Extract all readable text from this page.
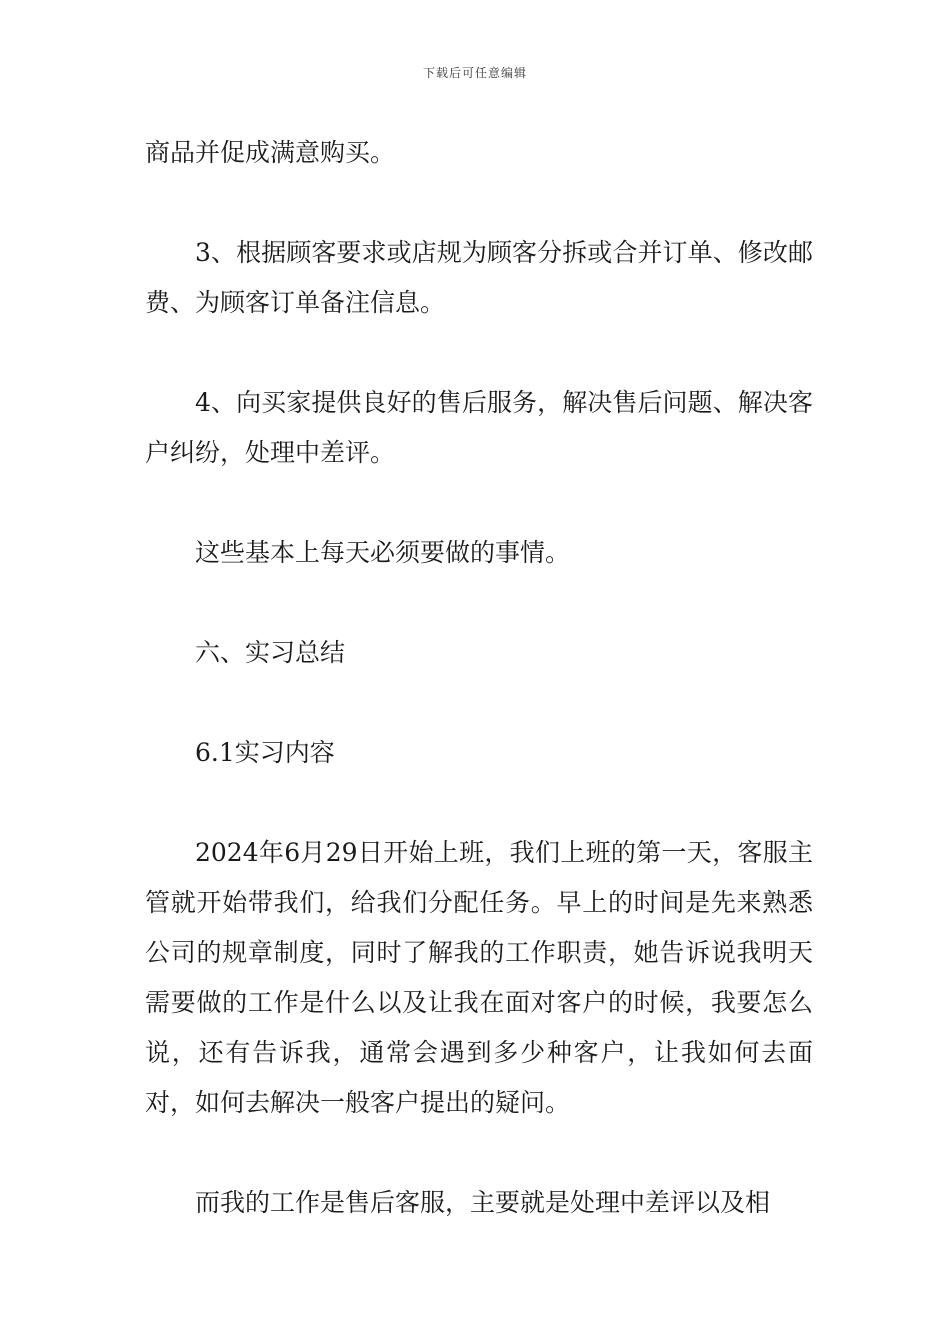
下载后可任意编辑

商品并促成满意购买。

3、根据顾客要求或店规为顾客分拆或合并订单、修改邮费、为顾客订单备注信息。

4、向买家提供良好的售后服务，解决售后问题、解决客户纠纷，处理中差评。

这些基本上每天必须要做的事情。

六、实习总结

6.1实习内容

2024年6月29日开始上班，我们上班的第一天，客服主管就开始带我们，给我们分配任务。早上的时间是先来熟悉公司的规章制度，同时了解我的工作职责，她告诉说我明天需要做的工作是什么以及让我在面对客户的时候，我要怎么说，还有告诉我，通常会遇到多少种客户，让我如何去面对，如何去解决一般客户提出的疑问。

而我的工作是售后客服，主要就是处理中差评以及相
